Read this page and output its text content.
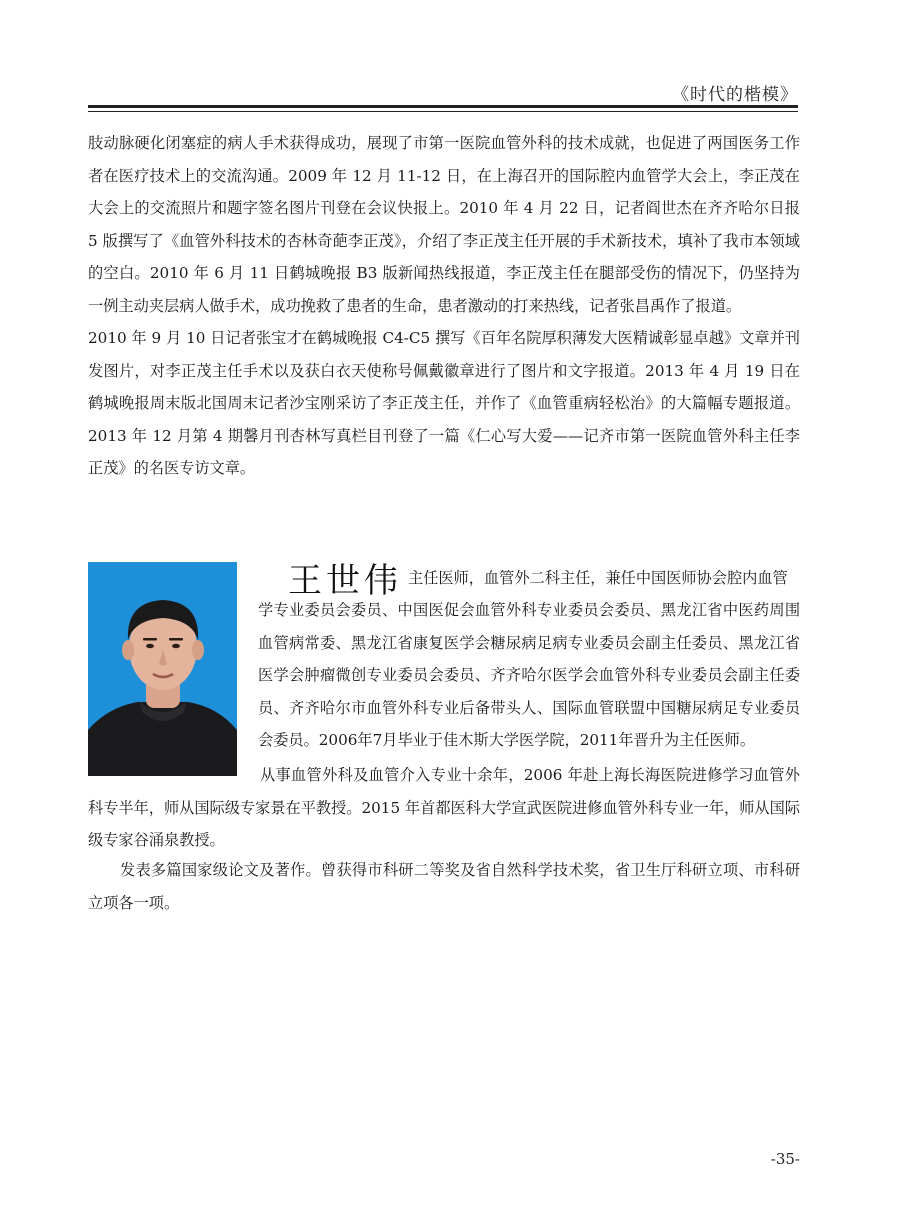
《时代的楷模》

肢动脉硬化闭塞症的病人手术获得成功，展现了市第一医院血管外科的技术成就，也促进了两国医务工作者在医疗技术上的交流沟通。2009 年 12 月 11-12 日，在上海召开的国际腔内血管学大会上，李正茂在大会上的交流照片和题字签名图片刊登在会议快报上。2010 年 4 月 22 日，记者阎世杰在齐齐哈尔日报 5 版撰写了《血管外科技术的杏林奇葩李正茂》，介绍了李正茂主任开展的手术新技术，填补了我市本领域的空白。2010 年 6 月 11 日鹤城晚报 B3 版新闻热线报道，李正茂主任在腿部受伤的情况下，仍坚持为一例主动夹层病人做手术，成功挽救了患者的生命，患者激动的打来热线，记者张昌禹作了报道。

2010 年 9 月 10 日记者张宝才在鹤城晚报 C4-C5 撰写《百年名院厚积薄发大医精诚彰显卓越》文章并刊发图片，对李正茂主任手术以及获白衣天使称号佩戴徽章进行了图片和文字报道。2013 年 4 月 19 日在鹤城晚报周末版北国周末记者沙宝刚采访了李正茂主任，并作了《血管重病轻松治》的大篇幅专题报道。2013 年 12 月第 4 期馨月刊杏林写真栏目刊登了一篇《仁心写大爱——记齐市第一医院血管外科主任李正茂》的名医专访文章。

王世伟 主任医师，血管外二科主任，兼任中国医师协会腔内血管

学专业委员会委员、中国医促会血管外科专业委员会委员、黑龙江省中医药周围血管病常委、黑龙江省康复医学会糖尿病足病专业委员会副主任委员、黑龙江省医学会肿瘤微创专业委员会委员、齐齐哈尔医学会血管外科专业委员会副主任委员、齐齐哈尔市血管外科专业后备带头人、国际血管联盟中国糖尿病足专业委员会委员。2006年7月毕业于佳木斯大学医学院，2011年晋升为主任医师。

从事血管外科及血管介入专业十余年，2006 年赴上海长海医院进修学习血管外科专半年，师从国际级专家景在平教授。2015 年首都医科大学宣武医院进修血管外科专业一年，师从国际级专家谷涌泉教授。

发表多篇国家级论文及著作。曾获得市科研二等奖及省自然科学技术奖，省卫生厅科研立项、市科研立项各一项。

-35-
